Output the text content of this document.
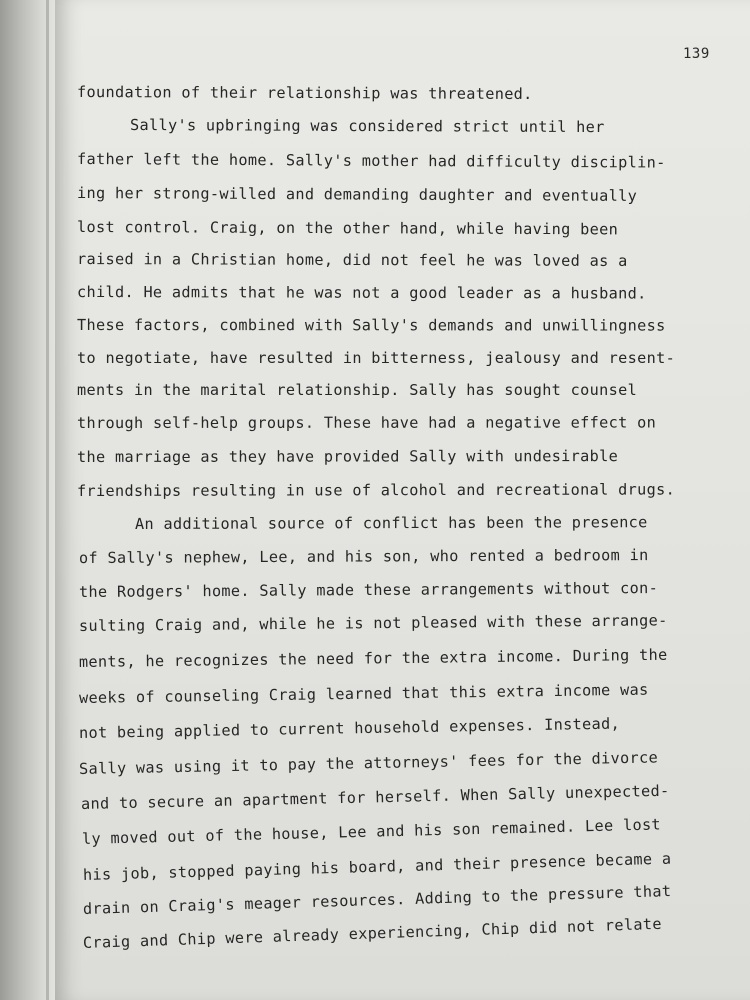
139
foundation of their relationship was threatened.
Sally's upbringing was considered strict until her
father left the home. Sally's mother had difficulty disciplin-
ing her strong-willed and demanding daughter and eventually
lost control. Craig, on the other hand, while having been
raised in a Christian home, did not feel he was loved as a
child. He admits that he was not a good leader as a husband.
These factors, combined with Sally's demands and unwillingness
to negotiate, have resulted in bitterness, jealousy and resent-
ments in the marital relationship. Sally has sought counsel
through self-help groups. These have had a negative effect on
the marriage as they have provided Sally with undesirable
friendships resulting in use of alcohol and recreational drugs.
An additional source of conflict has been the presence
of Sally's nephew, Lee, and his son, who rented a bedroom in
the Rodgers' home. Sally made these arrangements without con-
sulting Craig and, while he is not pleased with these arrange-
ments, he recognizes the need for the extra income. During the
weeks of counseling Craig learned that this extra income was
not being applied to current household expenses. Instead,
Sally was using it to pay the attorneys' fees for the divorce
and to secure an apartment for herself. When Sally unexpected-
ly moved out of the house, Lee and his son remained. Lee lost
his job, stopped paying his board, and their presence became a
drain on Craig's meager resources. Adding to the pressure that
Craig and Chip were already experiencing, Chip did not relate
